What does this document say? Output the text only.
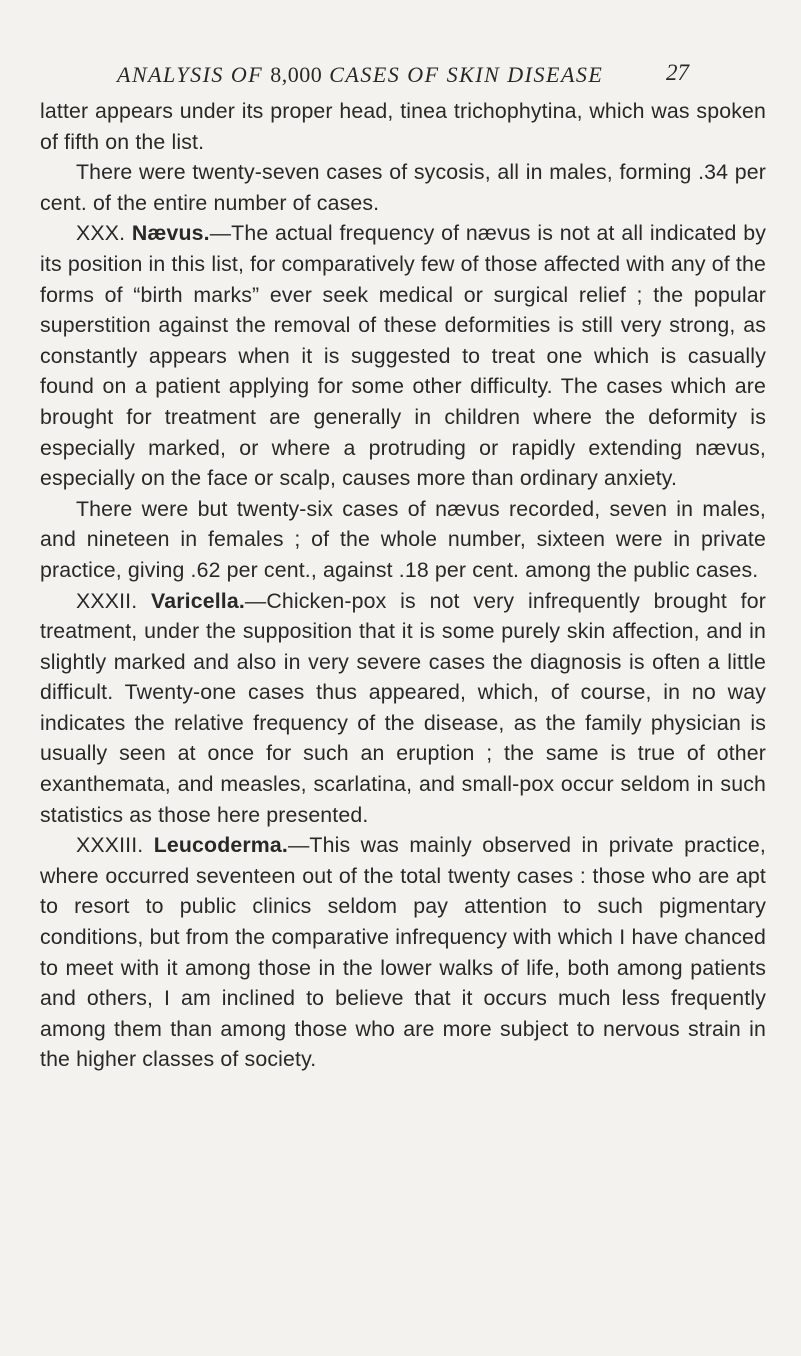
ANALYSIS OF 8,000 CASES OF SKIN DISEASE	27

latter appears under its proper head, tinea trichophytina, which was spoken of fifth on the list.

There were twenty-seven cases of sycosis, all in males, forming .34 per cent. of the entire number of cases.

XXX. Nævus.—The actual frequency of nævus is not at all indicated by its position in this list, for comparatively few of those affected with any of the forms of “birth marks” ever seek medical or surgical relief ; the popular superstition against the removal of these deformities is still very strong, as constantly appears when it is suggested to treat one which is casually found on a patient applying for some other difficulty. The cases which are brought for treatment are generally in children where the deformity is especially marked, or where a protruding or rapidly extending nævus, especially on the face or scalp, causes more than ordinary anxiety.

There were but twenty-six cases of nævus recorded, seven in males, and nineteen in females ; of the whole number, sixteen were in private practice, giving .62 per cent., against .18 per cent. among the public cases.

XXXII. Varicella.—Chicken-pox is not very infrequently brought for treatment, under the supposition that it is some purely skin affection, and in slightly marked and also in very severe cases the diagnosis is often a little difficult. Twenty-one cases thus appeared, which, of course, in no way indicates the relative frequency of the disease, as the family physician is usually seen at once for such an eruption ; the same is true of other exanthemata, and measles, scarlatina, and small-pox occur seldom in such statistics as those here presented.

XXXIII. Leucoderma.—This was mainly observed in private practice, where occurred seventeen out of the total twenty cases : those who are apt to resort to public clinics seldom pay attention to such pigmentary conditions, but from the comparative infrequency with which I have chanced to meet with it among those in the lower walks of life, both among patients and others, I am inclined to believe that it occurs much less frequently among them than among those who are more subject to nervous strain in the higher classes of society.
